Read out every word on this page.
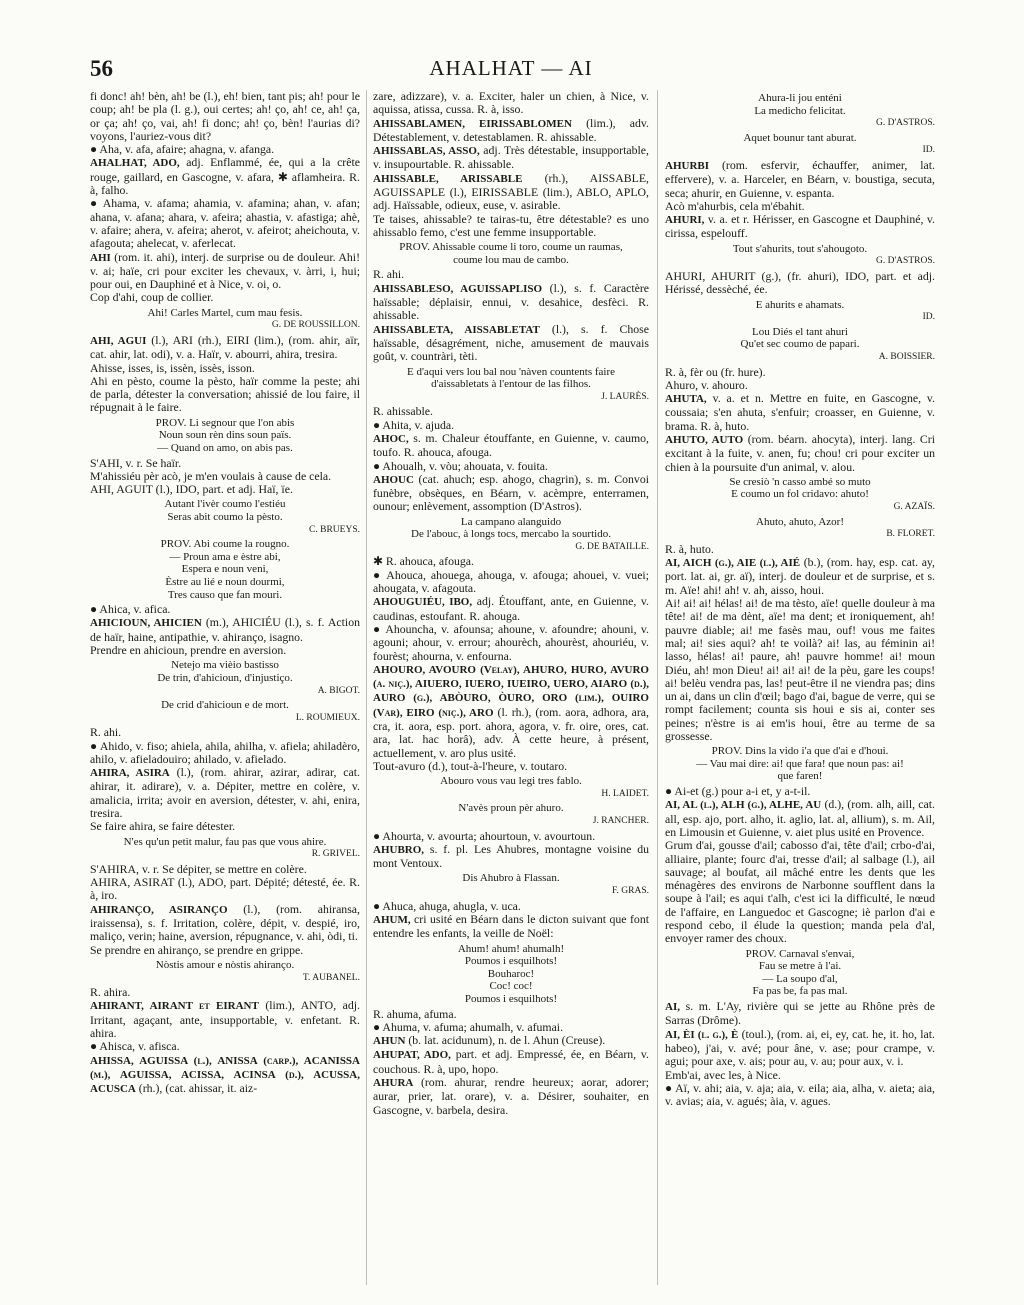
56	AHALHAT — AI

fi donc! ah! bèn, ah! be (l.), eh! bien, tant pis; ah! pour le coup; ah! be pla (l. g.), oui certes; ah! ço, ah! ce, ah! ça, or ça; ah! ço, vai, ah! fi donc; ah! ço, bèn! l'aurias di? voyons, l'auriez-vous dit?

● Aha, v. afa, afaire; ahagna, v. afanga.

AHALHAT, ADO, adj. Enflammé, ée, qui a la crête rouge, gaillard, en Gascogne, v. afara, ✱ aflamheira. R. à, falho.

● Ahama, v. afama; ahamia, v. afamina; ahan, v. afan; ahana, v. afana; ahara, v. afeira; ahastia, v. afastiga; ahè, v. afaire; ahera, v. afeira; aherot, v. afeirot; aheichouta, v. afagouta; ahelecat, v. aferlecat.

AHI (rom. it. ahi), interj. de surprise ou de douleur. Ahi! v. ai; haïe, cri pour exciter les chevaux, v. àrri, i, hui; pour oui, en Dauphiné et à Nice, v. oi, o.

Cop d'ahi, coup de collier.

Ahi! Carles Martel, cum mau fesis.
G. DE ROUSSILLON.

AHI, AGUI (l.), ARI (rh.), EIRI (lim.), (rom. ahir, aïr, cat. ahir, lat. odi), v. a. Haïr, v. abourri, ahira, tresira.

Ahisse, isses, is, issèn, issès, isson.

Ahi en pèsto, coume la pèsto, haïr comme la peste; ahi de parla, détester la conversation; ahissié de lou faire, il répugnait à le faire.

PROV. Li segnour que l'on abis
Noun soun rèn dins soun païs.
— Quand on amo, on abis pas.

S'AHI, v. r. Se haïr.

M'ahissiéu pèr acò, je m'en voulais à cause de cela.

AHI, AGUIT (l.), IDO, part. et adj. Haï, ïe.

Autant l'ivèr coumo l'estiéu
Seras abit coumo la pèsto.
C. BRUEYS.
PROV. Abi coume la rougno.
— Proun ama e èstre abi,
Espera e noun veni,
Èstre au lié e noun dourmi,
Tres causo que fan mouri.

● Ahica, v. afica.

AHICIOUN, AHICIEN (m.), AHICIÉU (l.), s. f. Action de haïr, haine, antipathie, v. ahiranço, isagno.

Prendre en ahicioun, prendre en aversion.

Netejo ma vièio bastisso
De trin, d'ahicioun, d'injustiço.
A. BIGOT.
De crid d'ahicioun e de mort.
L. ROUMIEUX.

R. ahi.

● Ahido, v. fiso; ahiela, ahila, ahilha, v. afiela; ahiladèro, ahilo, v. afieladouiro; ahilado, v. afielado.

AHIRA, ASIRA (l.), (rom. ahirar, azirar, adirar, cat. ahirar, it. adirare), v. a. Dépiter, mettre en colère, v. amalicia, irrita; avoir en aversion, détester, v. ahi, enira, tresira.

Se faire ahira, se faire détester.

N'es qu'un petit malur, fau pas que vous ahire.
R. GRIVEL.

S'AHIRA, v. r. Se dépiter, se mettre en colère.

AHIRA, ASIRAT (l.), ADO, part. Dépité; détesté, ée. R. à, iro.

AHIRANÇO, ASIRANÇO (l.), (rom. ahiransa, iraissensa), s. f. Irritation, colère, dépit, v. despié, iro, maliço, verin; haine, aversion, répugnance, v. ahi, òdi, ti.

Se prendre en ahiranço, se prendre en grippe.

Nòstis amour e nòstis ahiranço.
T. AUBANEL.

R. ahira.

AHIRANT, AIRANT et EIRANT (lim.), ANTO, adj. Irritant, agaçant, ante, insupportable, v. enfetant. R. ahira.

● Ahisca, v. afisca.

AHISSA, AGUISSA (l.), ANISSA (carp.), ACANISSA (m.), AGUISSA, ACISSA, ACINSA (d.), ACUSSA, ACUSCA (rh.), (cat. ahissar, it. aiz-

zare, adizzare), v. a. Exciter, haler un chien, à Nice, v. aquissa, atissa, cussa. R. à, isso.

AHISSABLAMEN, EIRISSABLOMEN (lim.), adv. Détestablement, v. detestablamen. R. ahissable.

AHISSABLAS, ASSO, adj. Très détestable, insupportable, v. insupourtable. R. ahissable.

AHISSABLE, ARISSABLE (rh.), AISSABLE, AGUISSAPLE (l.), EIRISSABLE (lim.), ABLO, APLO, adj. Haïssable, odieux, euse, v. asirable.

Te taises, ahissable? te tairas-tu, être détestable? es uno ahissablo femo, c'est une femme insupportable.

PROV. Ahissable coume li toro, coume un raumas,
coume lou mau de cambo.

R. ahi.

AHISSABLESO, AGUISSAPLISO (l.), s. f. Caractère haïssable; déplaisir, ennui, v. desahice, desfèci. R. ahissable.

AHISSABLETA, AISSABLETAT (l.), s. f. Chose haïssable, désagrément, niche, amusement de mauvais goût, v. countràri, tèti.

E d'aqui vers lou bal nou 'nàven countents faire
d'aissabletats à l'entour de las filhos.
J. LAURÈS.

R. ahissable.

● Ahita, v. ajuda.

AHOC, s. m. Chaleur étouffante, en Guienne, v. caumo, toufo. R. ahouca, afouga.

● Ahoualh, v. vòu; ahouata, v. fouita.

AHOUC (cat. ahuch; esp. ahogo, chagrin), s. m. Convoi funèbre, obsèques, en Béarn, v. acèmpre, enterramen, ounour; enlèvement, assomption (D'Astros).

La campano alanguido
De l'abouc, à longs tocs, mercabo la sourtido.
G. DE BATAILLE.

✱ R. ahouca, afouga.

● Ahouca, ahouega, ahouga, v. afouga; ahouei, v. vuei; ahougata, v. afagouta.

AHOUGUIÉU, IBO, adj. Étouffant, ante, en Guienne, v. caudinas, estoufant. R. ahouga.

● Ahouncha, v. afounsa; ahoune, v. afoundre; ahouni, v. agouni; ahour, v. errour; ahourèch, ahourèst, ahouriéu, v. fourèst; ahourna, v. enfourna.

AHOURO, AVOURO (Velay), AHURO, HURO, AVURO (a. niç.), AIUERO, IUERO, IUEIRO, UERO, AIARO (d.), AURO (g.), ABÒURO, ÒURO, ORO (lim.), OUIRO (Var), EIRO (niç.), ARO (l. rh.), (rom. aora, adhora, ara, cra, it. aora, esp. port. ahora, agora, v. fr. oire, ores, cat. ara, lat. hac horâ), adv. À cette heure, à présent, actuellement, v. aro plus usité.

Tout-avuro (d.), tout-à-l'heure, v. toutaro.

Abouro vous vau legi tres fablo.
H. LAIDET.
N'avès proun pèr ahuro.
J. RANCHER.

● Ahourta, v. avourta; ahourtoun, v. avourtoun.

AHUBRO, s. f. pl. Les Ahubres, montagne voisine du mont Ventoux.

Dis Ahubro à Flassan.
F. GRAS.

● Ahuca, ahuga, ahugla, v. uca.

AHUM, cri usité en Béarn dans le dicton suivant que font entendre les enfants, la veille de Noël:

Ahum! ahum! ahumalh!
Poumos i esquilhots!
Bouharoc!
Coc! coc!
Poumos i esquilhots!

R. ahuma, afuma.

● Ahuma, v. afuma; ahumalh, v. afumai.

AHUN (b. lat. acidunum), n. de l. Ahun (Creuse).

AHUPAT, ADO, part. et adj. Empressé, ée, en Béarn, v. couchous. R. à, upo, hopo.

AHURA (rom. ahurar, rendre heureux; aorar, adorer; aurar, prier, lat. orare), v. a. Désirer, souhaiter, en Gascogne, v. barbela, desira.

Ahura-li jou enténi
La medicho felicitat.
G. D'ASTROS.
Aquet bounur tant aburat.
ID.

AHURBI (rom. esfervir, échauffer, animer, lat. effervere), v. a. Harceler, en Béarn, v. boustiga, secuta, seca; ahurir, en Guienne, v. espanta.

Acò m'ahurbis, cela m'ébahit.

AHURI, v. a. et r. Hérisser, en Gascogne et Dauphiné, v. cirissa, espelouff.

Tout s'ahurits, tout s'ahougoto.
G. D'ASTROS.

AHURI, AHURIT (g.), (fr. ahuri), IDO, part. et adj. Hérissé, dessèché, ée.

E ahurits e ahamats.
ID.
Lou Diés el tant ahuri
Qu'et sec coumo de papari.
A. BOISSIER.

R. à, fèr ou (fr. hure).

Ahuro, v. ahouro.

AHUTA, v. a. et n. Mettre en fuite, en Gascogne, v. coussaia; s'en ahuta, s'enfuir; croasser, en Guienne, v. brama. R. à, huto.

AHUTO, AUTO (rom. béarn. ahocyta), interj. lang. Cri excitant à la fuite, v. anen, fu; chou! cri pour exciter un chien à la poursuite d'un animal, v. alou.

Se cresiò 'n casso ambé so muto
E coumo un fol cridavo: ahuto!
G. AZAÏS.
Ahuto, ahuto, Azor!
B. FLORET.

R. à, huto.

AI, AICH (g.), AIE (l.), AIÉ (b.), (rom. hay, esp. cat. ay, port. lat. ai, gr. aï), interj. de douleur et de surprise, et s. m. Aïe! ahi! ah! v. ah, aisso, houi.

Ai! ai! ai! hélas! ai! de ma tèsto, aïe! quelle douleur à ma tête! ai! de ma dènt, aïe! ma dent; et ironiquement, ah! pauvre diable; ai! me fasès mau, ouf! vous me faites mal; ai! sies aqui? ah! te voilà? ai! las, au féminin ai! lasso, hélas! ai! paure, ah! pauvre homme! ai! moun Diéu, ah! mon Dieu! ai! ai! ai! de la pèu, gare les coups! ai! belèu vendra pas, las! peut-être il ne viendra pas; dins un ai, dans un clin d'œil; bago d'ai, bague de verre, qui se rompt facilement; counta sis houi e sis ai, conter ses peines; n'èstre is ai em'is houi, être au terme de sa grossesse.

PROV. Dins la vido i'a que d'ai e d'houi.
— Vau mai dire: ai! que fara! que noun pas: ai!
que faren!

● Ai-et (g.) pour a-i et, y a-t-il.

AI, AL (l.), ALH (g.), ALHE, AU (d.), (rom. alh, aill, cat. all, esp. ajo, port. alho, it. aglio, lat. al, allium), s. m. Ail, en Limousin et Guienne, v. aiet plus usité en Provence.

Grum d'ai, gousse d'ail; cabosso d'ai, tête d'ail; crbo-d'ai, alliaire, plante; fourc d'ai, tresse d'ail; al salbage (l.), ail sauvage; al boufat, ail mâché entre les dents que les ménagères des environs de Narbonne soufflent dans la soupe à l'ail; es aqui t'alh, c'est ici la difficulté, le nœud de l'affaire, en Languedoc et Gascogne; iè parlon d'ai e respond cebo, il élude la question; manda pela d'al, envoyer ramer des choux.

PROV. Carnaval s'envai,
Fau se metre à l'ai.
— La soupo d'al,
Fa pas be, fa pas mal.

AI, s. m. L'Ay, rivière qui se jette au Rhône près de Sarras (Drôme).

AI, ÈI (l. g.), È (toul.), (rom. ai, ei, ey, cat. he, it. ho, lat. habeo), j'ai, v. avé; pour âne, v. ase; pour crampe, v. agui; pour axe, v. ais; pour au, v. au; pour aux, v. i.

Emb'ai, avec les, à Nice.

● Aï, v. ahi; aia, v. aja; aia, v. eila; aia, alha, v. aieta; aia, v. avias; aia, v. agués; àia, v. agues.
